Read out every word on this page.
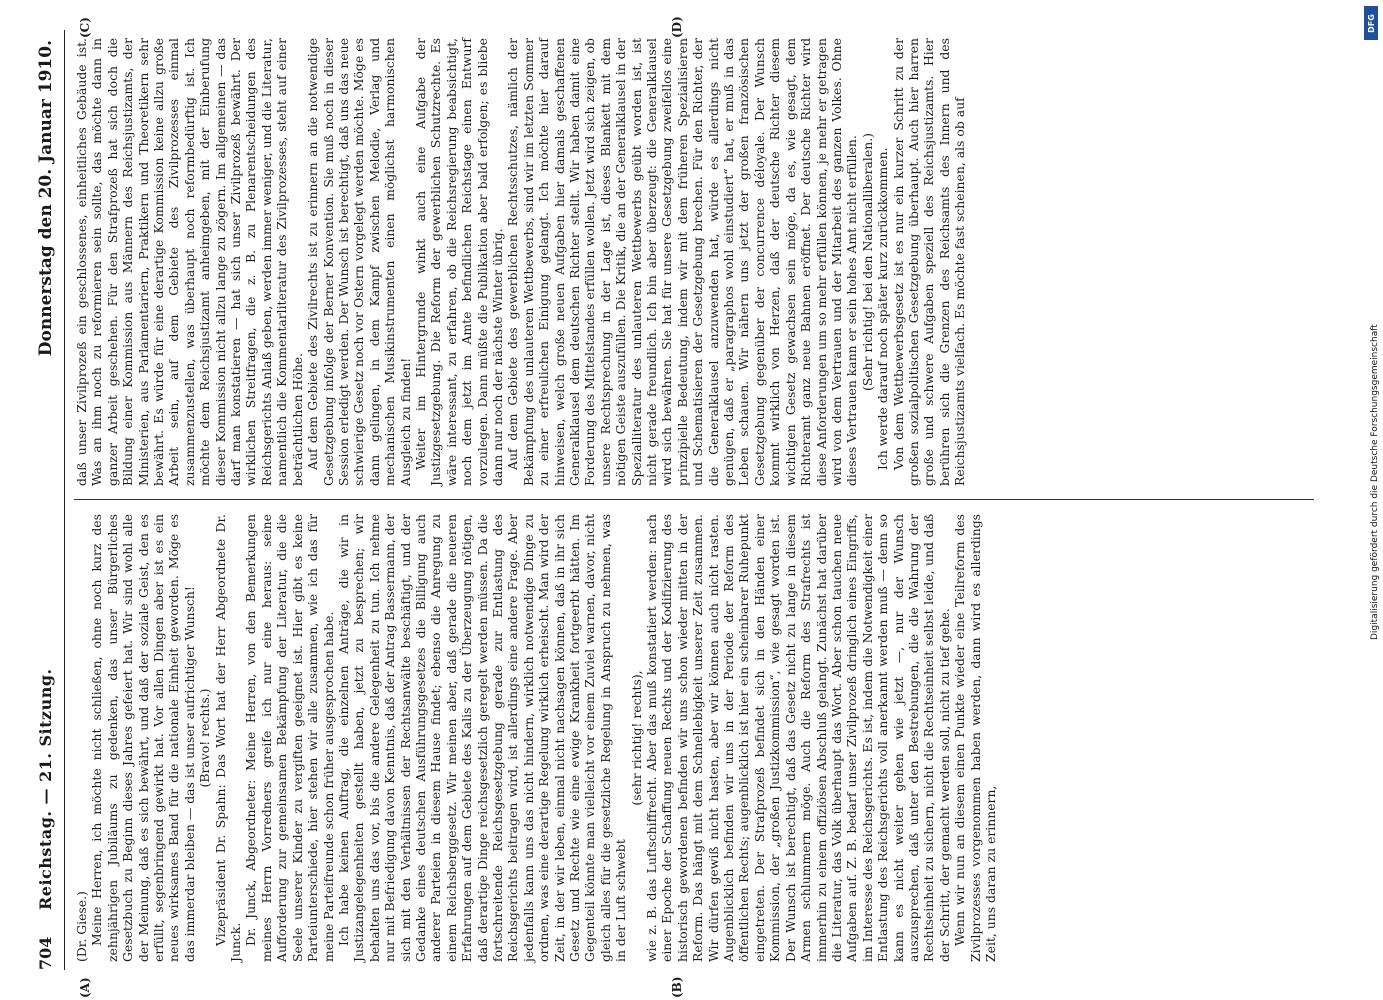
704
Reichstag. — 21. Sitzung.
Donnerstag den 20. Januar 1910.
(A)	(B)
(C)	(D)

(Dr. Giese.) Meine Herren, ich möchte nicht schließen, ohne noch kurz des zehnjährigen Jubiläums zu gedenken, das unser Bürgerliches Gesetzbuch zu Beginn dieses Jahres gefeiert hat. Wir sind wohl alle der Meinung, daß es sich bewährt, und daß der soziale Geist, den es erfüllt, segenbringend gewirkt hat. Vor allen Dingen aber ist es ein neues wirksames Band für die nationale Einheit geworden. Möge es das immerdar bleiben — das ist unser aufrichtiger Wunsch! (Bravo! rechts.) Vizepräsident Dr. Spahn: Das Wort hat der Herr Abgeordnete Dr. Junck. Dr. Junck, Abgeordneter: Meine Herren, von den Bemerkungen meines Herrn Vorredners greife ich nur eine heraus: seine Aufforderung zur gemeinsamen Bekämpfung der Literatur, die die Seele unserer Kinder zu vergiften geeignet ist. Hier gibt es keine Parteiunterschiede, hier stehen wir alle zusammen, wie ich das für meine Parteifreunde schon früher ausgesprochen habe. Ich habe keinen Auftrag, die einzelnen Anträge, die wir in Justizangelegenheiten gestellt haben, jetzt zu besprechen; wir behalten uns das vor, bis die andere Gelegenheit zu tun. Ich nehme nur mit Befriedigung davon Kenntnis, daß der Antrag Bassermann, der sich mit den Verhältnissen der Rechtsanwälte beschäftigt, und der Gedanke eines deutschen Ausführungsgesetzes die Billigung auch anderer Parteien in diesem Hause findet; ebenso die Anregung zu einem Reichsberggesetz. Wir meinen aber, daß gerade die neueren Erfahrungen auf dem Gebiete des Kalis zu der Überzeugung nötigen, daß derartige Dinge reichsgesetzlich geregelt werden müssen. Da die fortschreitende Reichsgesetzgebung gerade zur Entlastung des Reichsgerichts beitragen wird, ist allerdings eine andere Frage. Aber jedenfalls kann uns das nicht hindern, wirklich notwendige Dinge zu ordnen, was eine derartige Regelung wirklich erheischt. Man wird der Zeit, in der wir leben, einmal nicht nachsagen können, daß in ihr sich Gesetz und Rechte wie eine ewige Krankheit fortgeerbt hätten. Im Gegenteil könnte man vielleicht vor einem Zuviel warnen, davor, nicht gleich alles für die gesetzliche Regelung in Anspruch zu nehmen, was in der Luft schwebt

(sehr richtig! rechts), wie z. B. das Luftschiffrecht. Aber das muß konstatiert werden: nach einer Epoche der Schaffung neuen Rechts und der Kodifizierung des historisch gewordenen befinden wir uns schon wieder mitten in der Reform. Das hängt mit dem Schnellebigkeit unserer Zeit zusammen. Wir dürfen gewiß nicht hasten, aber wir können auch nicht rasten. Augenblicklich befinden wir uns in der Periode der Reform des öffentlichen Rechts; augenblicklich ist hier ein scheinbarer Ruhepunkt eingetreten. Der Strafprozeß befindet sich in den Händen einer Kommission, der „großen Justizkommission“, wie gesagt worden ist. Der Wunsch ist berechtigt, daß das Gesetz nicht zu lange in diesem Armen schlummern möge. Auch die Reform des Strafrechts ist immerhin zu einem offiziösen Abschluß gelangt. Zunächst hat darüber die Literatur, das Volk überhaupt das Wort. Aber schon tauchen neue Aufgaben auf. Z. B. bedarf unser Zivilprozeß dringlich eines Eingriffs, im Interesse des Reichsgerichts. Es ist, indem die Notwendigkeit einer Entlastung des Reichsgerichts voll anerkannt werden muß — denn so kann es nicht weiter gehen wie jetzt —, nur der Wunsch auszusprechen, daß unter den Bestrebungen, die die Wahrung der Rechtseinheit zu sichern, nicht die Rechtseinheit selbst leide, und daß der Schritt, der gemacht werden soll, nicht zu tief gehe. Wenn wir nun an diesem einen Punkte wieder eine Teilreform des Zivilprozesses vorgenommen haben werden, dann wird es allerdings Zeit, uns daran zu erinnern,

daß unser Zivilprozeß ein geschlossenes, einheitliches Gebäude ist. Was an ihm noch zu reformieren sein sollte, das möchte dann in ganzer Arbeit geschehen. Für den Strafprozeß hat sich doch die Bildung einer Kommission aus Männern des Reichsjustizamts, der Ministerien, aus Parlamentariern, Praktikern und Theoretikern sehr bewährt. Es würde für eine derartige Kommission keine allzu große Arbeit sein, auf dem Gebiete des Zivilprozesses einmal zusammenzustellen, was überhaupt noch reformbedürftig ist. Ich möchte dem Reichsjustizamt anheimgeben, mit der Einberufung dieser Kommission nicht allzu lange zu zögern. Im allgemeinen — das darf man konstatieren — hat sich unser Zivilprozeß bewährt. Der wirklichen Streitfragen, die z. B. zu Plenarentscheidungen des Reichsgerichts Anlaß geben, werden immer weniger, und die Literatur, namentlich die Kommentarliteratur des Zivilprozesses, steht auf einer beträchtlichen Höhe. Auf dem Gebiete des Zivilrechts ist zu erinnern an die notwendige Gesetzgebung infolge der Berner Konvention. Sie muß noch in dieser Session erledigt werden. Der Wunsch ist berechtigt, daß uns das neue schwierige Gesetz noch vor Ostern vorgelegt werden möchte. Möge es dann gelingen, in dem Kampf zwischen Melodie, Verlag und mechanischen Musikinstrumenten einen möglichst harmonischen Ausgleich zu finden! Weiter im Hintergrunde winkt auch eine Aufgabe der Justizgesetzgebung. Die Reform der gewerblichen Schutzrechte. Es wäre interessant, zu erfahren, ob die Reichsregierung beabsichtigt, noch dem jetzt im Amte befindlichen Reichstage einen Entwurf vorzulegen. Dann müßte die Publikation aber bald erfolgen; es bliebe dann nur noch der nächste Winter übrig. Auf dem Gebiete des gewerblichen Rechtsschutzes, nämlich der Bekämpfung des unlauteren Wettbewerbs, sind wir im letzten Sommer zu einer erfreulichen Einigung gelangt. Ich möchte hier darauf hinweisen, welch große neuen Aufgaben hier damals geschaffenen Generalklausel dem deutschen Richter stellt. Wir haben damit eine Forderung des Mittelstandes erfüllen wollen. Jetzt wird sich zeigen, ob unsere Rechtsprechung in der Lage ist, dieses Blankett mit dem nötigen Geiste auszufüllen. Die Kritik, die an der Generalklausel in der Spezialliteratur des unlauteren Wettbewerbs geübt worden ist, ist nicht gerade freundlich. Ich bin aber überzeugt: die Generalklausel wird sich bewähren. Sie hat für unsere Gesetzgebung zweifellos eine prinzipielle Bedeutung, indem wir mit dem früheren Spezialisieren und Schematisieren der Gesetzgebung brechen. Für den Richter, der die Generalklausel anzuwenden hat, würde es allerdings nicht genügen, daß er „paragraphos wohl einstudiert“ hat, er muß in das Leben schauen. Wir nähern uns jetzt der großen französischen Gesetzgebung gegenüber der concurrence déloyale. Der Wunsch kommt wirklich von Herzen, daß der deutsche Richter diesem wichtigen Gesetz gewachsen sein möge, da es, wie gesagt, dem Richteramt ganz neue Bahnen eröffnet. Der deutsche Richter wird diese Anforderungen um so mehr erfüllen können, je mehr er getragen wird von dem Vertrauen und der Mitarbeit des ganzen Volkes. Ohne dieses Vertrauen kann er sein hohes Amt nicht erfüllen. (Sehr richtig! bei den Nationalliberalen.) Ich werde darauf noch später kurz zurückkommen. Von dem Wettbewerbsgesetz ist es nur ein kurzer Schritt zu der großen sozialpolitischen Gesetzgebung überhaupt. Auch hier harren große und schwere Aufgaben speziell des Reichsjustizamts. Hier berühren sich die Grenzen des Reichsamts des Innern und des Reichsjustizamts vielfach. Es möchte fast scheinen, als ob auf

DFG
Digitalisierung gefördert durch die Deutsche Forschungsgemeinschaft
